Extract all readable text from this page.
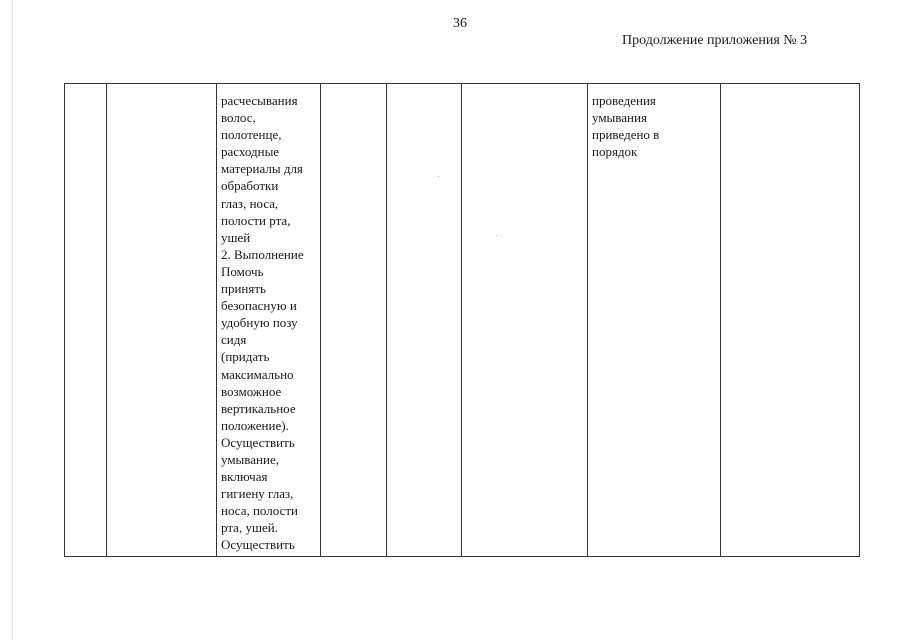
36
Продолжение приложения № 3
расчесывания
волос,
полотенце,
расходные
материалы для
обработки
глаз, носа,
полости рта,
ушей
2. Выполнение
Помочь
принять
безопасную и
удобную позу
сидя
(придать
максимально
возможное
вертикальное
положение).
Осуществить
умывание,
включая
гигиену глаз,
носа, полости
рта, ушей.
Осуществить
проведения
умывания
приведено в
порядок
